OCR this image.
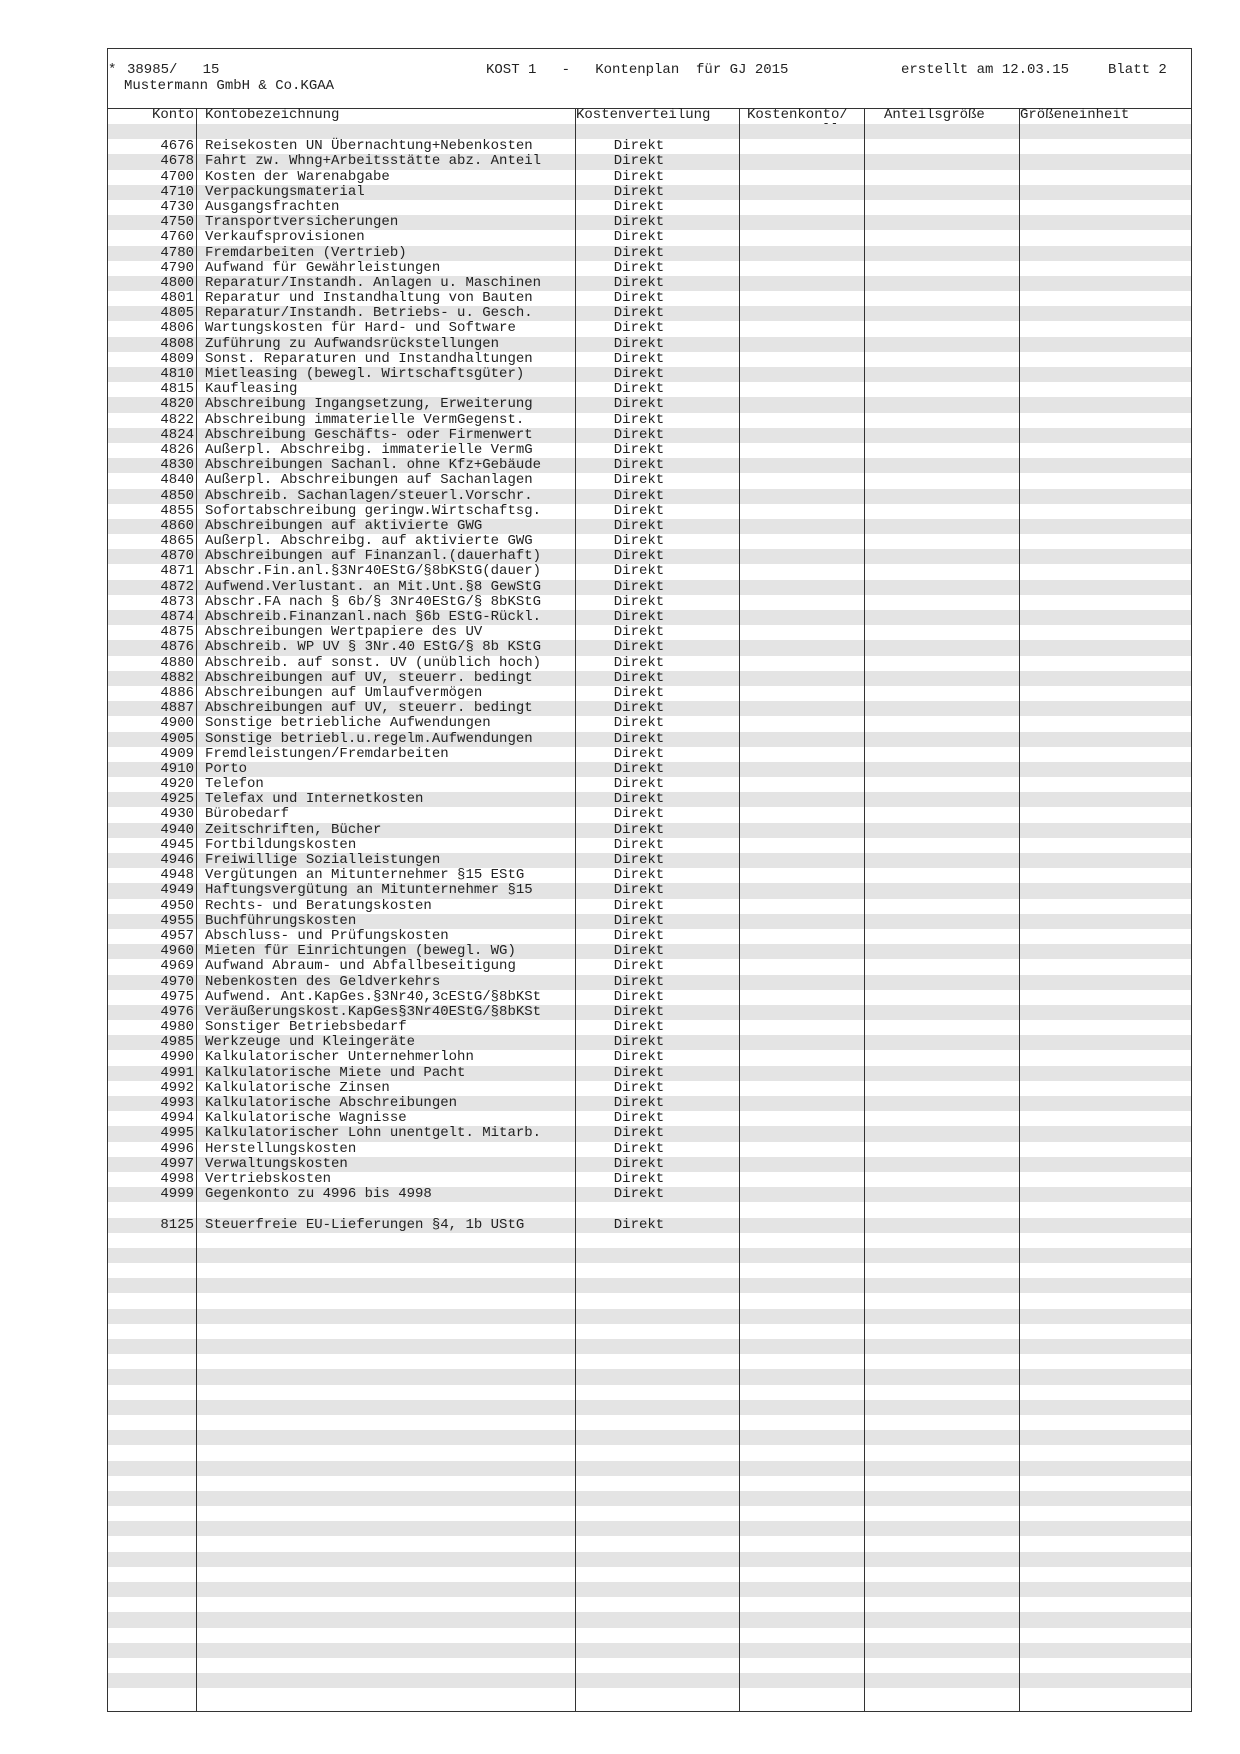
* 38985/   15
Mustermann GmbH & Co.KGAA
KOST 1   -   Kontenplan  für GJ 2015	erstellt am 12.03.15	Blatt 2
Konto Kontobezeichnung	Kostenverteilung	Kostenkonto/	Anteilsgröße	Größeneinheit
4676 Reisekosten UN Übernachtung+Nebenkosten	Direkt
4678 Fahrt zw. Whng+Arbeitsstätte abz. Anteil	Direkt
4700 Kosten der Warenabgabe	Direkt
4710 Verpackungsmaterial	Direkt
4730 Ausgangsfrachten	Direkt
4750 Transportversicherungen	Direkt
4760 Verkaufsprovisionen	Direkt
4780 Fremdarbeiten (Vertrieb)	Direkt
4790 Aufwand für Gewährleistungen	Direkt
4800 Reparatur/Instandh. Anlagen u. Maschinen	Direkt
4801 Reparatur und Instandhaltung von Bauten	Direkt
4805 Reparatur/Instandh. Betriebs- u. Gesch.	Direkt
4806 Wartungskosten für Hard- und Software	Direkt
4808 Zuführung zu Aufwandsrückstellungen	Direkt
4809 Sonst. Reparaturen und Instandhaltungen	Direkt
4810 Mietleasing (bewegl. Wirtschaftsgüter)	Direkt
4815 Kaufleasing	Direkt
4820 Abschreibung Ingangsetzung, Erweiterung	Direkt
4822 Abschreibung immaterielle VermGegenst.	Direkt
4824 Abschreibung Geschäfts- oder Firmenwert	Direkt
4826 Außerpl. Abschreibg. immaterielle VermG	Direkt
4830 Abschreibungen Sachanl. ohne Kfz+Gebäude	Direkt
4840 Außerpl. Abschreibungen auf Sachanlagen	Direkt
4850 Abschreib. Sachanlagen/steuerl.Vorschr.	Direkt
4855 Sofortabschreibung geringw.Wirtschaftsg.	Direkt
4860 Abschreibungen auf aktivierte GWG	Direkt
4865 Außerpl. Abschreibg. auf aktivierte GWG	Direkt
4870 Abschreibungen auf Finanzanl.(dauerhaft)	Direkt
4871 Abschr.Fin.anl.§3Nr40EStG/§8bKStG(dauer)	Direkt
4872 Aufwend.Verlustant. an Mit.Unt.§8 GewStG	Direkt
4873 Abschr.FA nach § 6b/§ 3Nr40EStG/§ 8bKStG	Direkt
4874 Abschreib.Finanzanl.nach §6b EStG-Rückl.	Direkt
4875 Abschreibungen Wertpapiere des UV	Direkt
4876 Abschreib. WP UV § 3Nr.40 EStG/§ 8b KStG	Direkt
4880 Abschreib. auf sonst. UV (unüblich hoch)	Direkt
4882 Abschreibungen auf UV, steuerr. bedingt	Direkt
4886 Abschreibungen auf Umlaufvermögen	Direkt
4887 Abschreibungen auf UV, steuerr. bedingt	Direkt
4900 Sonstige betriebliche Aufwendungen	Direkt
4905 Sonstige betriebl.u.regelm.Aufwendungen	Direkt
4909 Fremdleistungen/Fremdarbeiten	Direkt
4910 Porto	Direkt
4920 Telefon	Direkt
4925 Telefax und Internetkosten	Direkt
4930 Bürobedarf	Direkt
4940 Zeitschriften, Bücher	Direkt
4945 Fortbildungskosten	Direkt
4946 Freiwillige Sozialleistungen	Direkt
4948 Vergütungen an Mitunternehmer §15 EStG	Direkt
4949 Haftungsvergütung an Mitunternehmer §15	Direkt
4950 Rechts- und Beratungskosten	Direkt
4955 Buchführungskosten	Direkt
4957 Abschluss- und Prüfungskosten	Direkt
4960 Mieten für Einrichtungen (bewegl. WG)	Direkt
4969 Aufwand Abraum- und Abfallbeseitigung	Direkt
4970 Nebenkosten des Geldverkehrs	Direkt
4975 Aufwend. Ant.KapGes.§3Nr40,3cEStG/§8bKSt	Direkt
4976 Veräußerungskost.KapGes§3Nr40EStG/§8bKSt	Direkt
4980 Sonstiger Betriebsbedarf	Direkt
4985 Werkzeuge und Kleingeräte	Direkt
4990 Kalkulatorischer Unternehmerlohn	Direkt
4991 Kalkulatorische Miete und Pacht	Direkt
4992 Kalkulatorische Zinsen	Direkt
4993 Kalkulatorische Abschreibungen	Direkt
4994 Kalkulatorische Wagnisse	Direkt
4995 Kalkulatorischer Lohn unentgelt. Mitarb.	Direkt
4996 Herstellungskosten	Direkt
4997 Verwaltungskosten	Direkt
4998 Vertriebskosten	Direkt
4999 Gegenkonto zu 4996 bis 4998	Direkt
8125 Steuerfreie EU-Lieferungen §4, 1b UStG	Direkt
